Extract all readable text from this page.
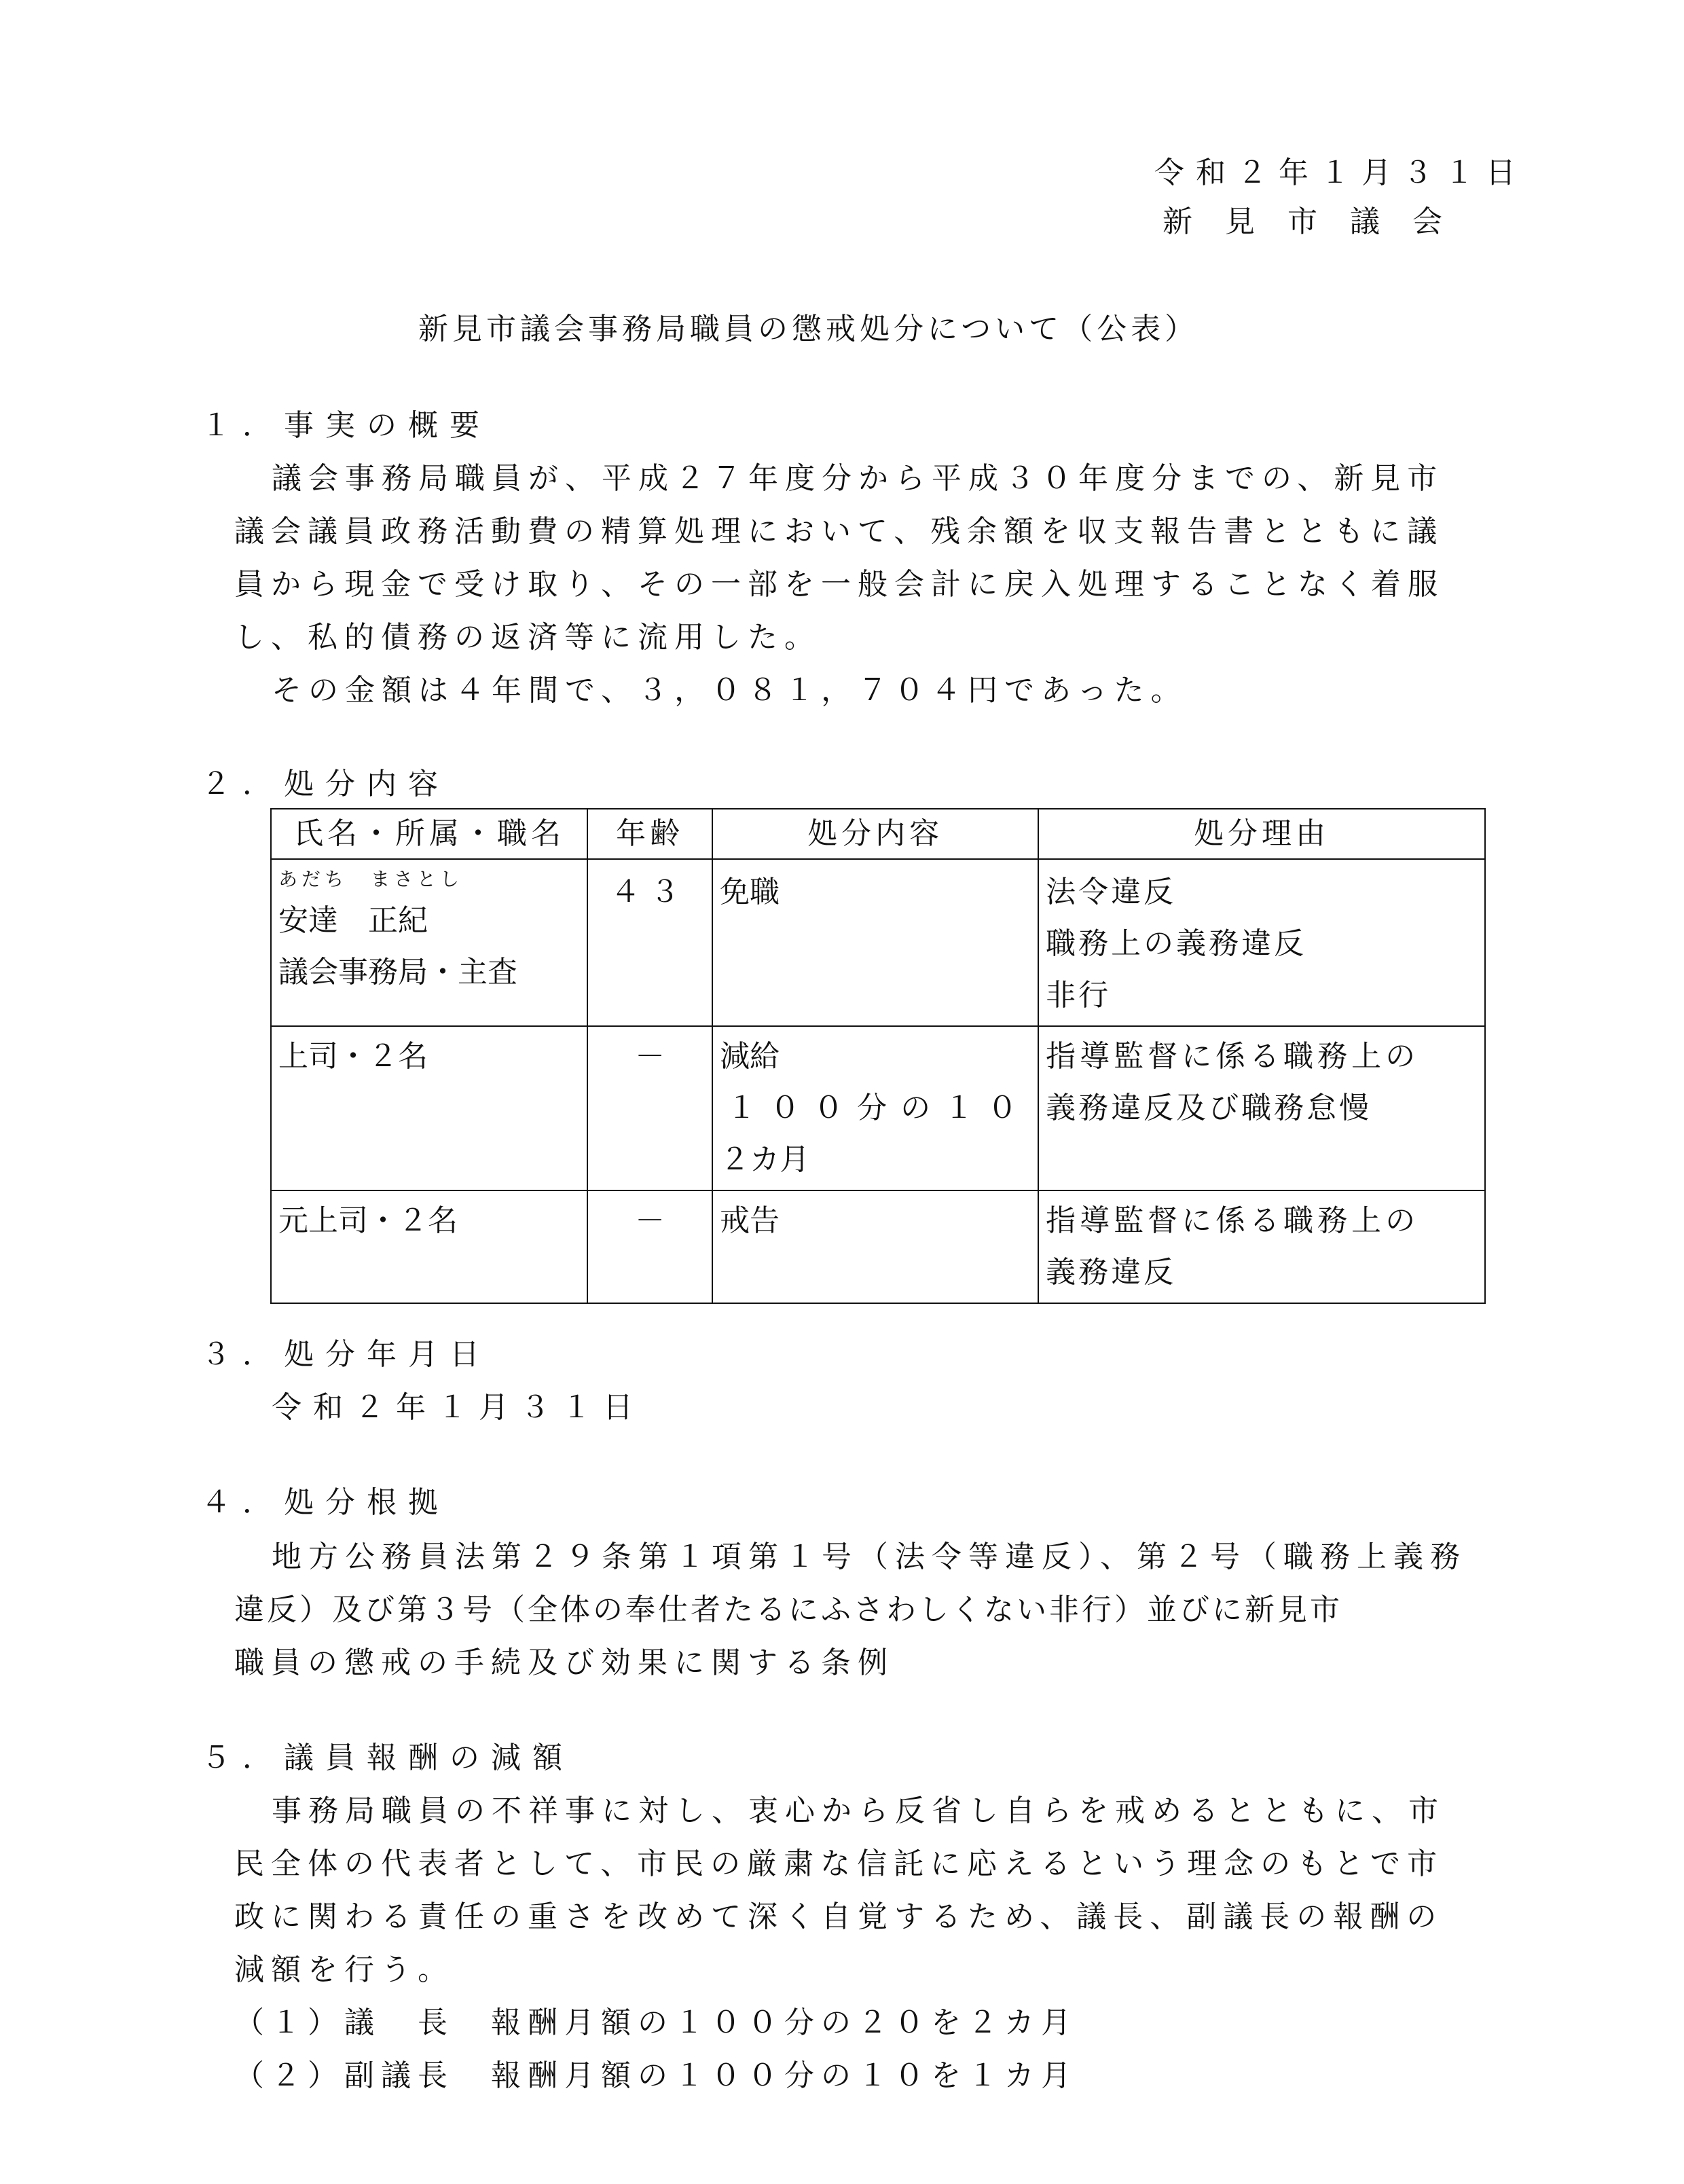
令和２年１月３１日

新　見　市　議　会

新見市議会事務局職員の懲戒処分について（公表）

１．事実の概要

議会事務局職員が、平成２７年度分から平成３０年度分までの、新見市

議会議員政務活動費の精算処理において、残余額を収支報告書とともに議

員から現金で受け取り、その一部を一般会計に戻入処理することなく着服

し、私的債務の返済等に流用した。

その金額は４年間で、３，０８１，７０４円であった。

２．処分内容

氏名・所属・職名	年齢	処分内容	処分理由

あだち　まさとし
安達　正紀
議会事務局・主査	４３	免職	法令違反
職務上の義務違反
非行

上司・２名	－	減給
１００分の１０
２カ月	指導監督に係る職務上の
義務違反及び職務怠慢

元上司・２名	－	戒告	指導監督に係る職務上の
義務違反

３．処分年月日

令和２年１月３１日

４．処分根拠

地方公務員法第２９条第１項第１号（法令等違反）、第２号（職務上義務

違反）及び第３号（全体の奉仕者たるにふさわしくない非行）並びに新見市

職員の懲戒の手続及び効果に関する条例

５．議員報酬の減額

事務局職員の不祥事に対し、衷心から反省し自らを戒めるとともに、市

民全体の代表者として、市民の厳粛な信託に応えるという理念のもとで市

政に関わる責任の重さを改めて深く自覚するため、議長、副議長の報酬の

減額を行う。

（１）議　長　報酬月額の１００分の２０を２カ月

（２）副議長　報酬月額の１００分の１０を１カ月
